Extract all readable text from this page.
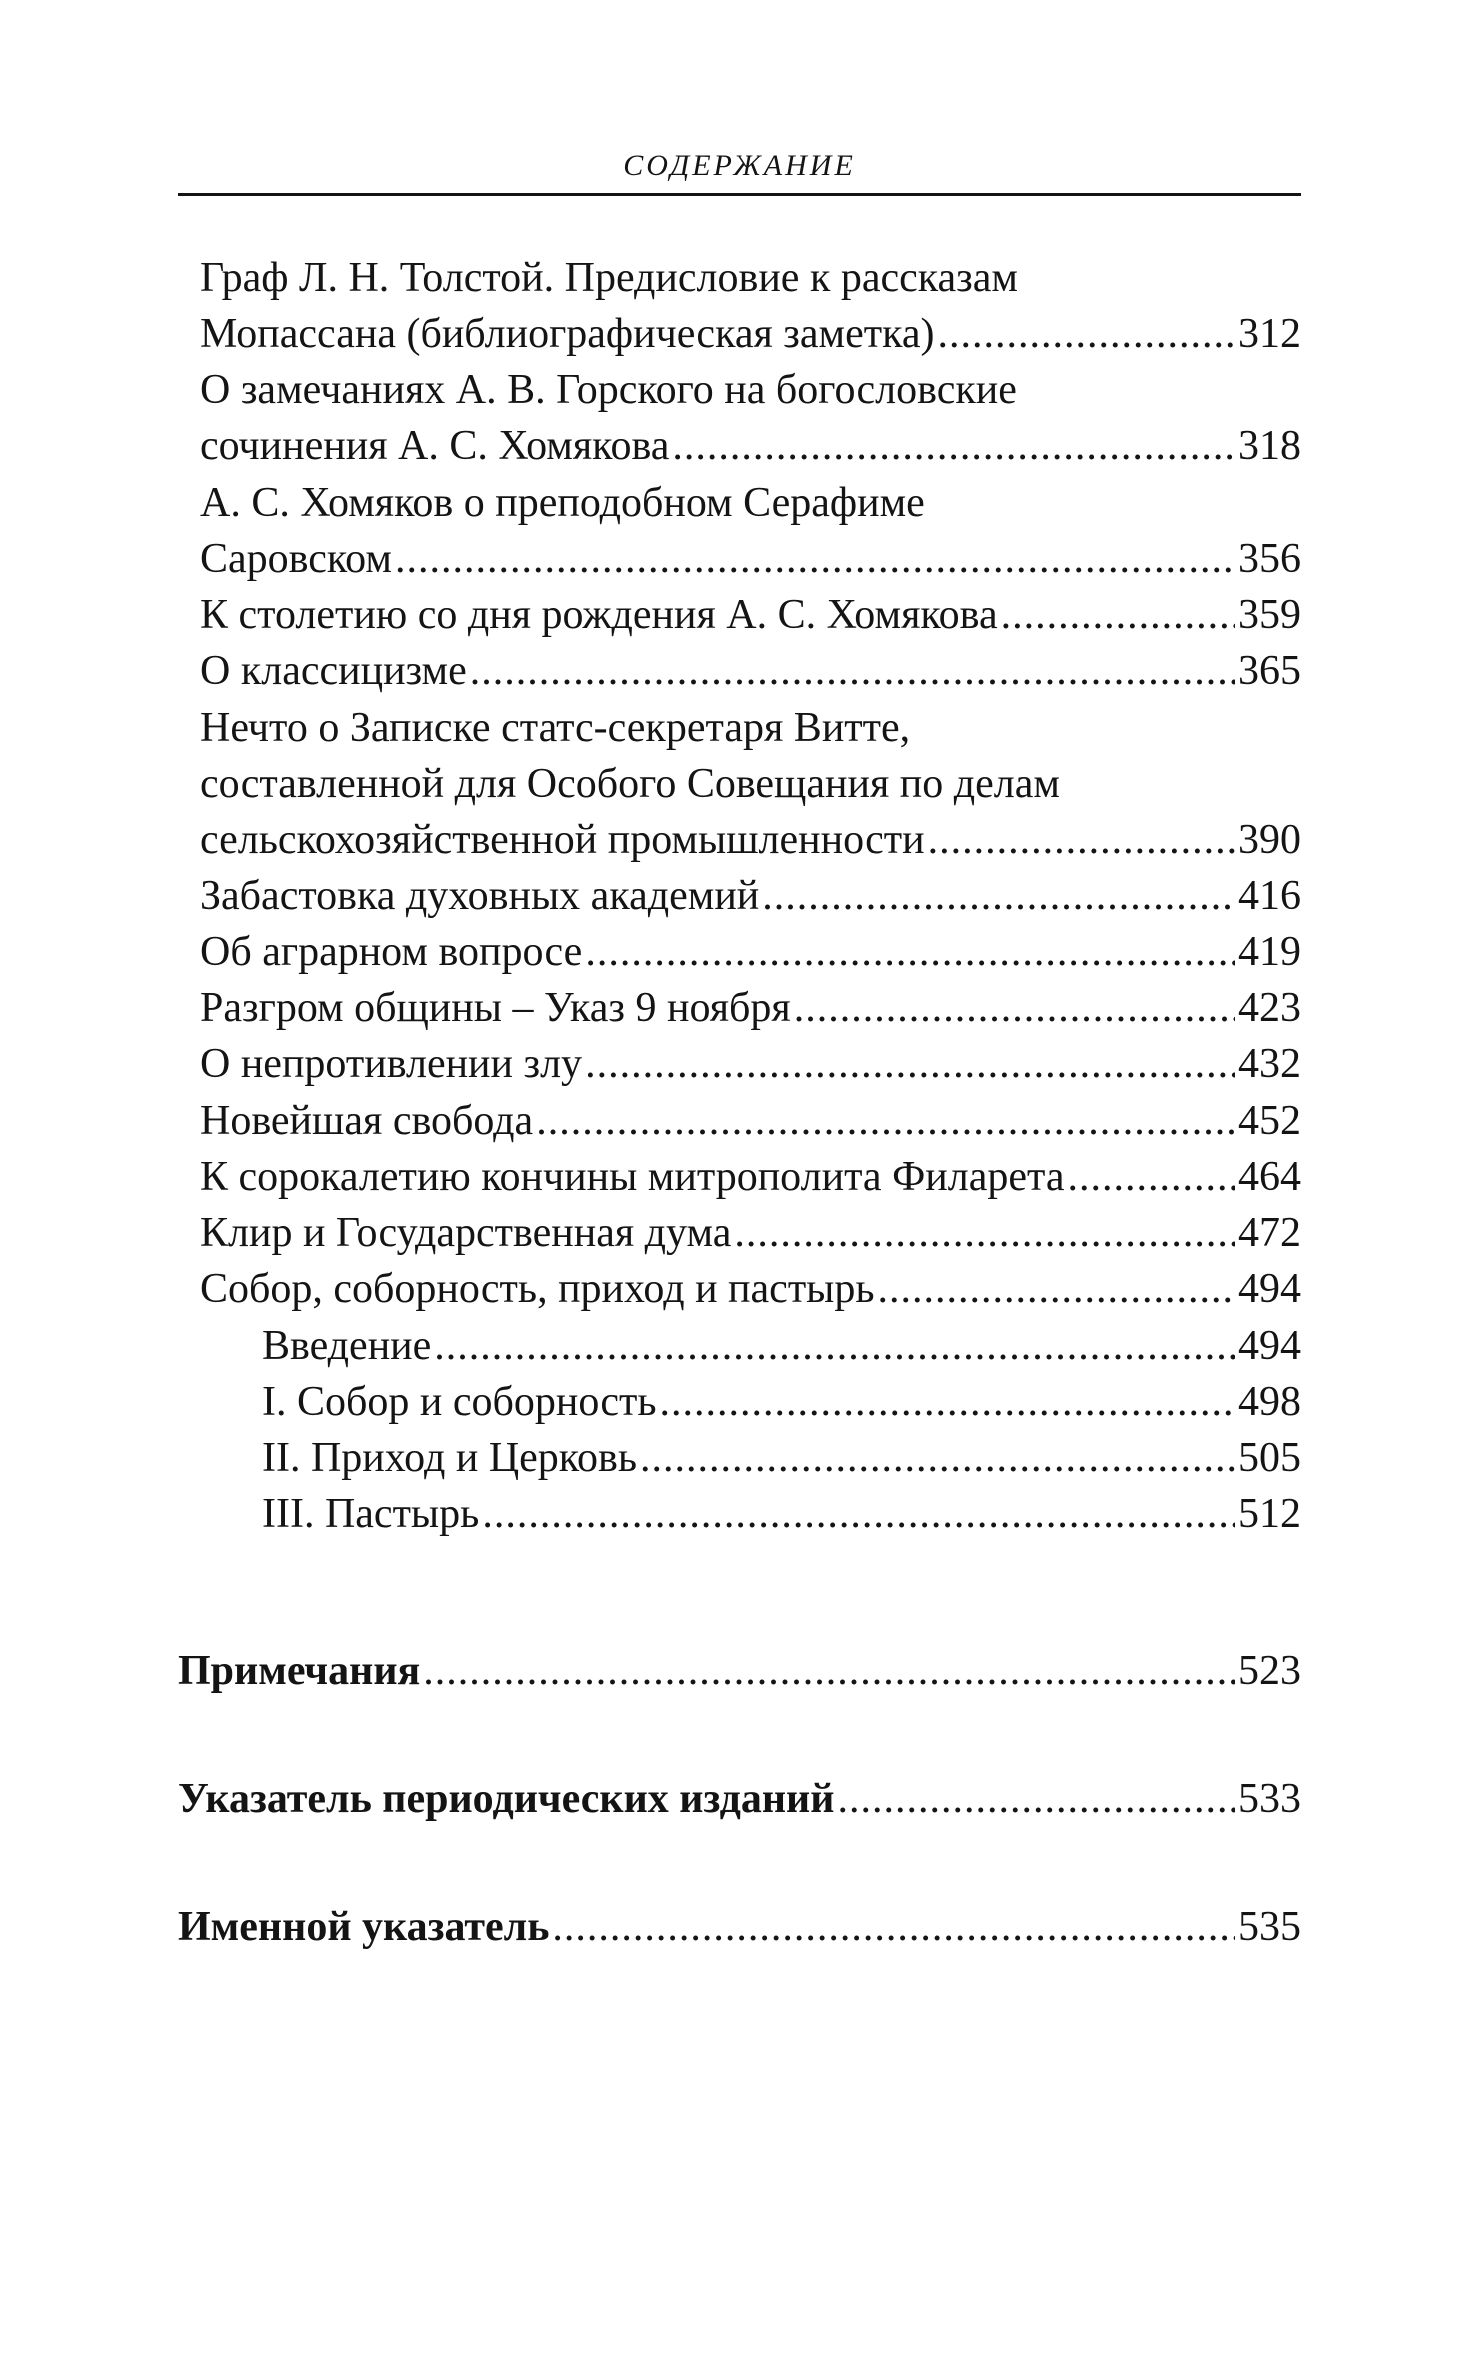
СОДЕРЖАНИЕ
Граф Л. Н. Толстой. Предисловие к рассказам
Мопассана (библиографическая заметка) .....	312
О замечаниях А. В. Горского на богословские
сочинения А. С. Хомякова .....	318
А. С. Хомяков о преподобном Серафиме
Саровском .....	356
К столетию со дня рождения А. С. Хомякова .....	359
О классицизме .....	365
Нечто о Записке статс-секретаря Витте,
составленной для Особого Совещания по делам
сельскохозяйственной промышленности .....	390
Забастовка духовных академий .....	416
Об аграрном вопросе .....	419
Разгром общины – Указ 9 ноября .....	423
О непротивлении злу .....	432
Новейшая свобода .....	452
К сорокалетию кончины митрополита Филарета .....	464
Клир и Государственная дума .....	472
Собор, соборность, приход и пастырь .....	494
Введение .....	494
I. Собор и соборность .....	498
II. Приход и Церковь .....	505
III. Пастырь .....	512
Примечания .....	523
Указатель периодических изданий .....	533
Именной указатель .....	535
